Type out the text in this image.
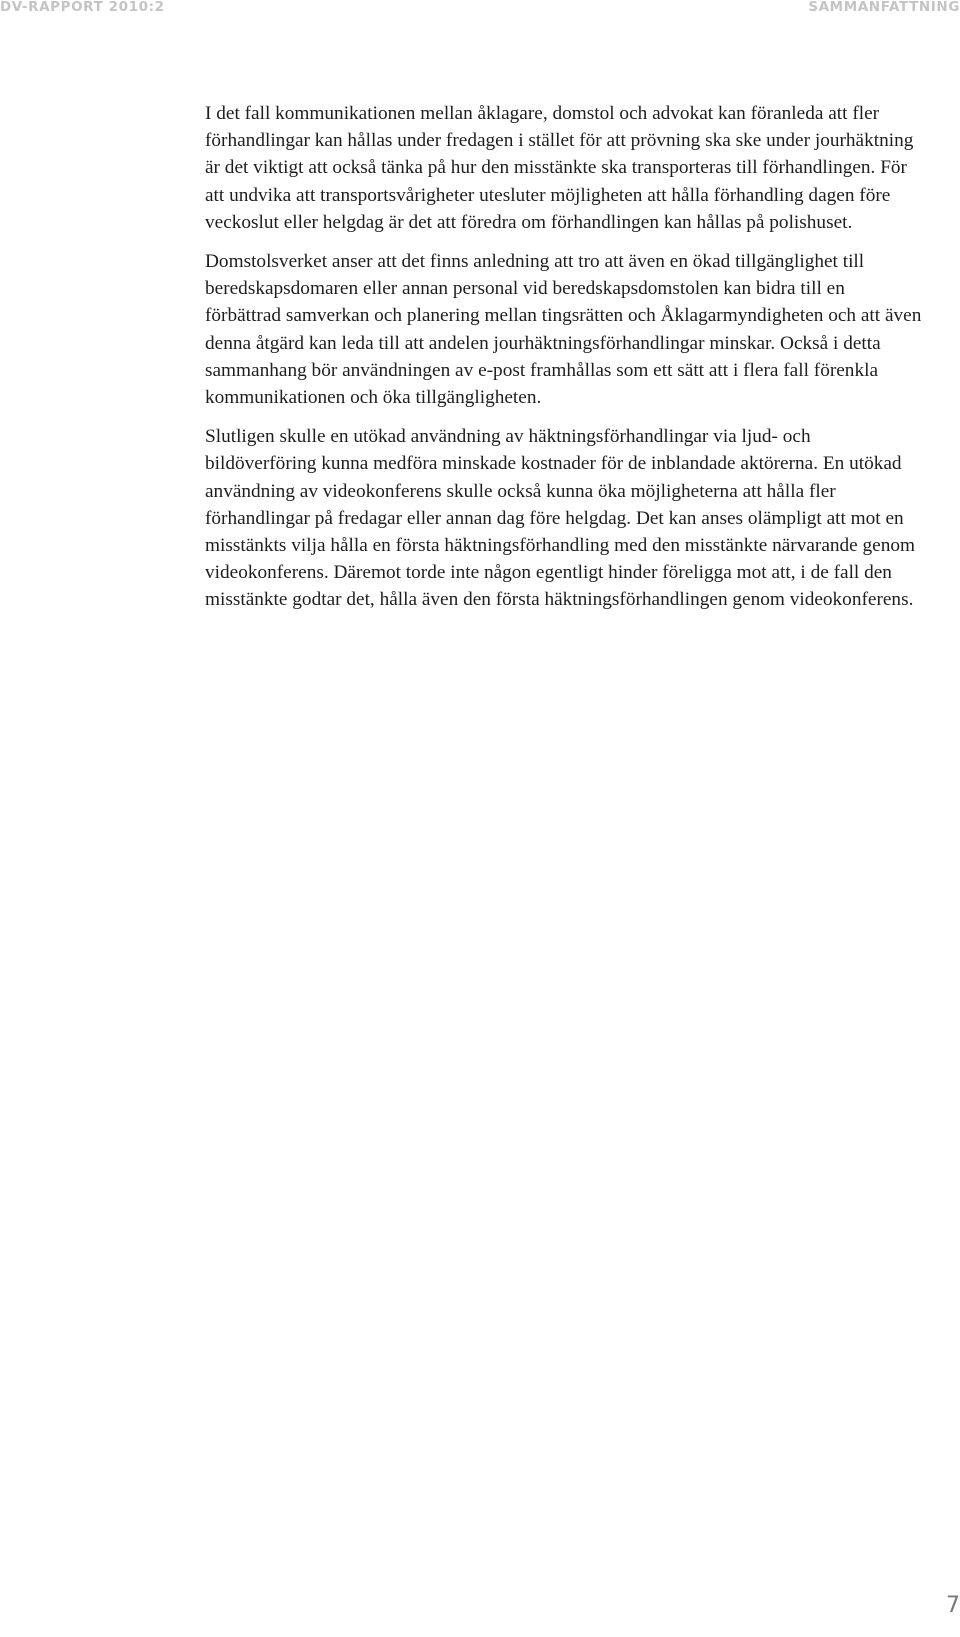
DV-RAPPORT 2010:2	SAMMANFATTNING

I det fall kommunikationen mellan åklagare, domstol och advokat kan föranleda att fler förhandlingar kan hållas under fredagen i stället för att prövning ska ske under jourhäktning är det viktigt att också tänka på hur den misstänkte ska transporteras till förhandlingen. För att undvika att transportsvårigheter utesluter möjligheten att hålla förhandling dagen före veckoslut eller helgdag är det att föredra om förhandlingen kan hållas på polishuset.

Domstolsverket anser att det finns anledning att tro att även en ökad tillgänglighet till beredskapsdomaren eller annan personal vid beredskapsdomstolen kan bidra till en förbättrad samverkan och planering mellan tingsrätten och Åklagarmyndigheten och att även denna åtgärd kan leda till att andelen jourhäktningsförhandlingar minskar. Också i detta sammanhang bör användningen av e-post framhållas som ett sätt att i flera fall förenkla kommunikationen och öka tillgängligheten.

Slutligen skulle en utökad användning av häktningsförhandlingar via ljud- och bildöverföring kunna medföra minskade kostnader för de inblandade aktörerna. En utökad användning av videokonferens skulle också kunna öka möjligheterna att hålla fler förhandlingar på fredagar eller annan dag före helgdag. Det kan anses olämpligt att mot en misstänkts vilja hålla en första häktningsförhandling med den misstänkte närvarande genom videokonferens. Däremot torde inte någon egentligt hinder föreligga mot att, i de fall den misstänkte godtar det, hålla även den första häktningsförhandlingen genom videokonferens.

7
